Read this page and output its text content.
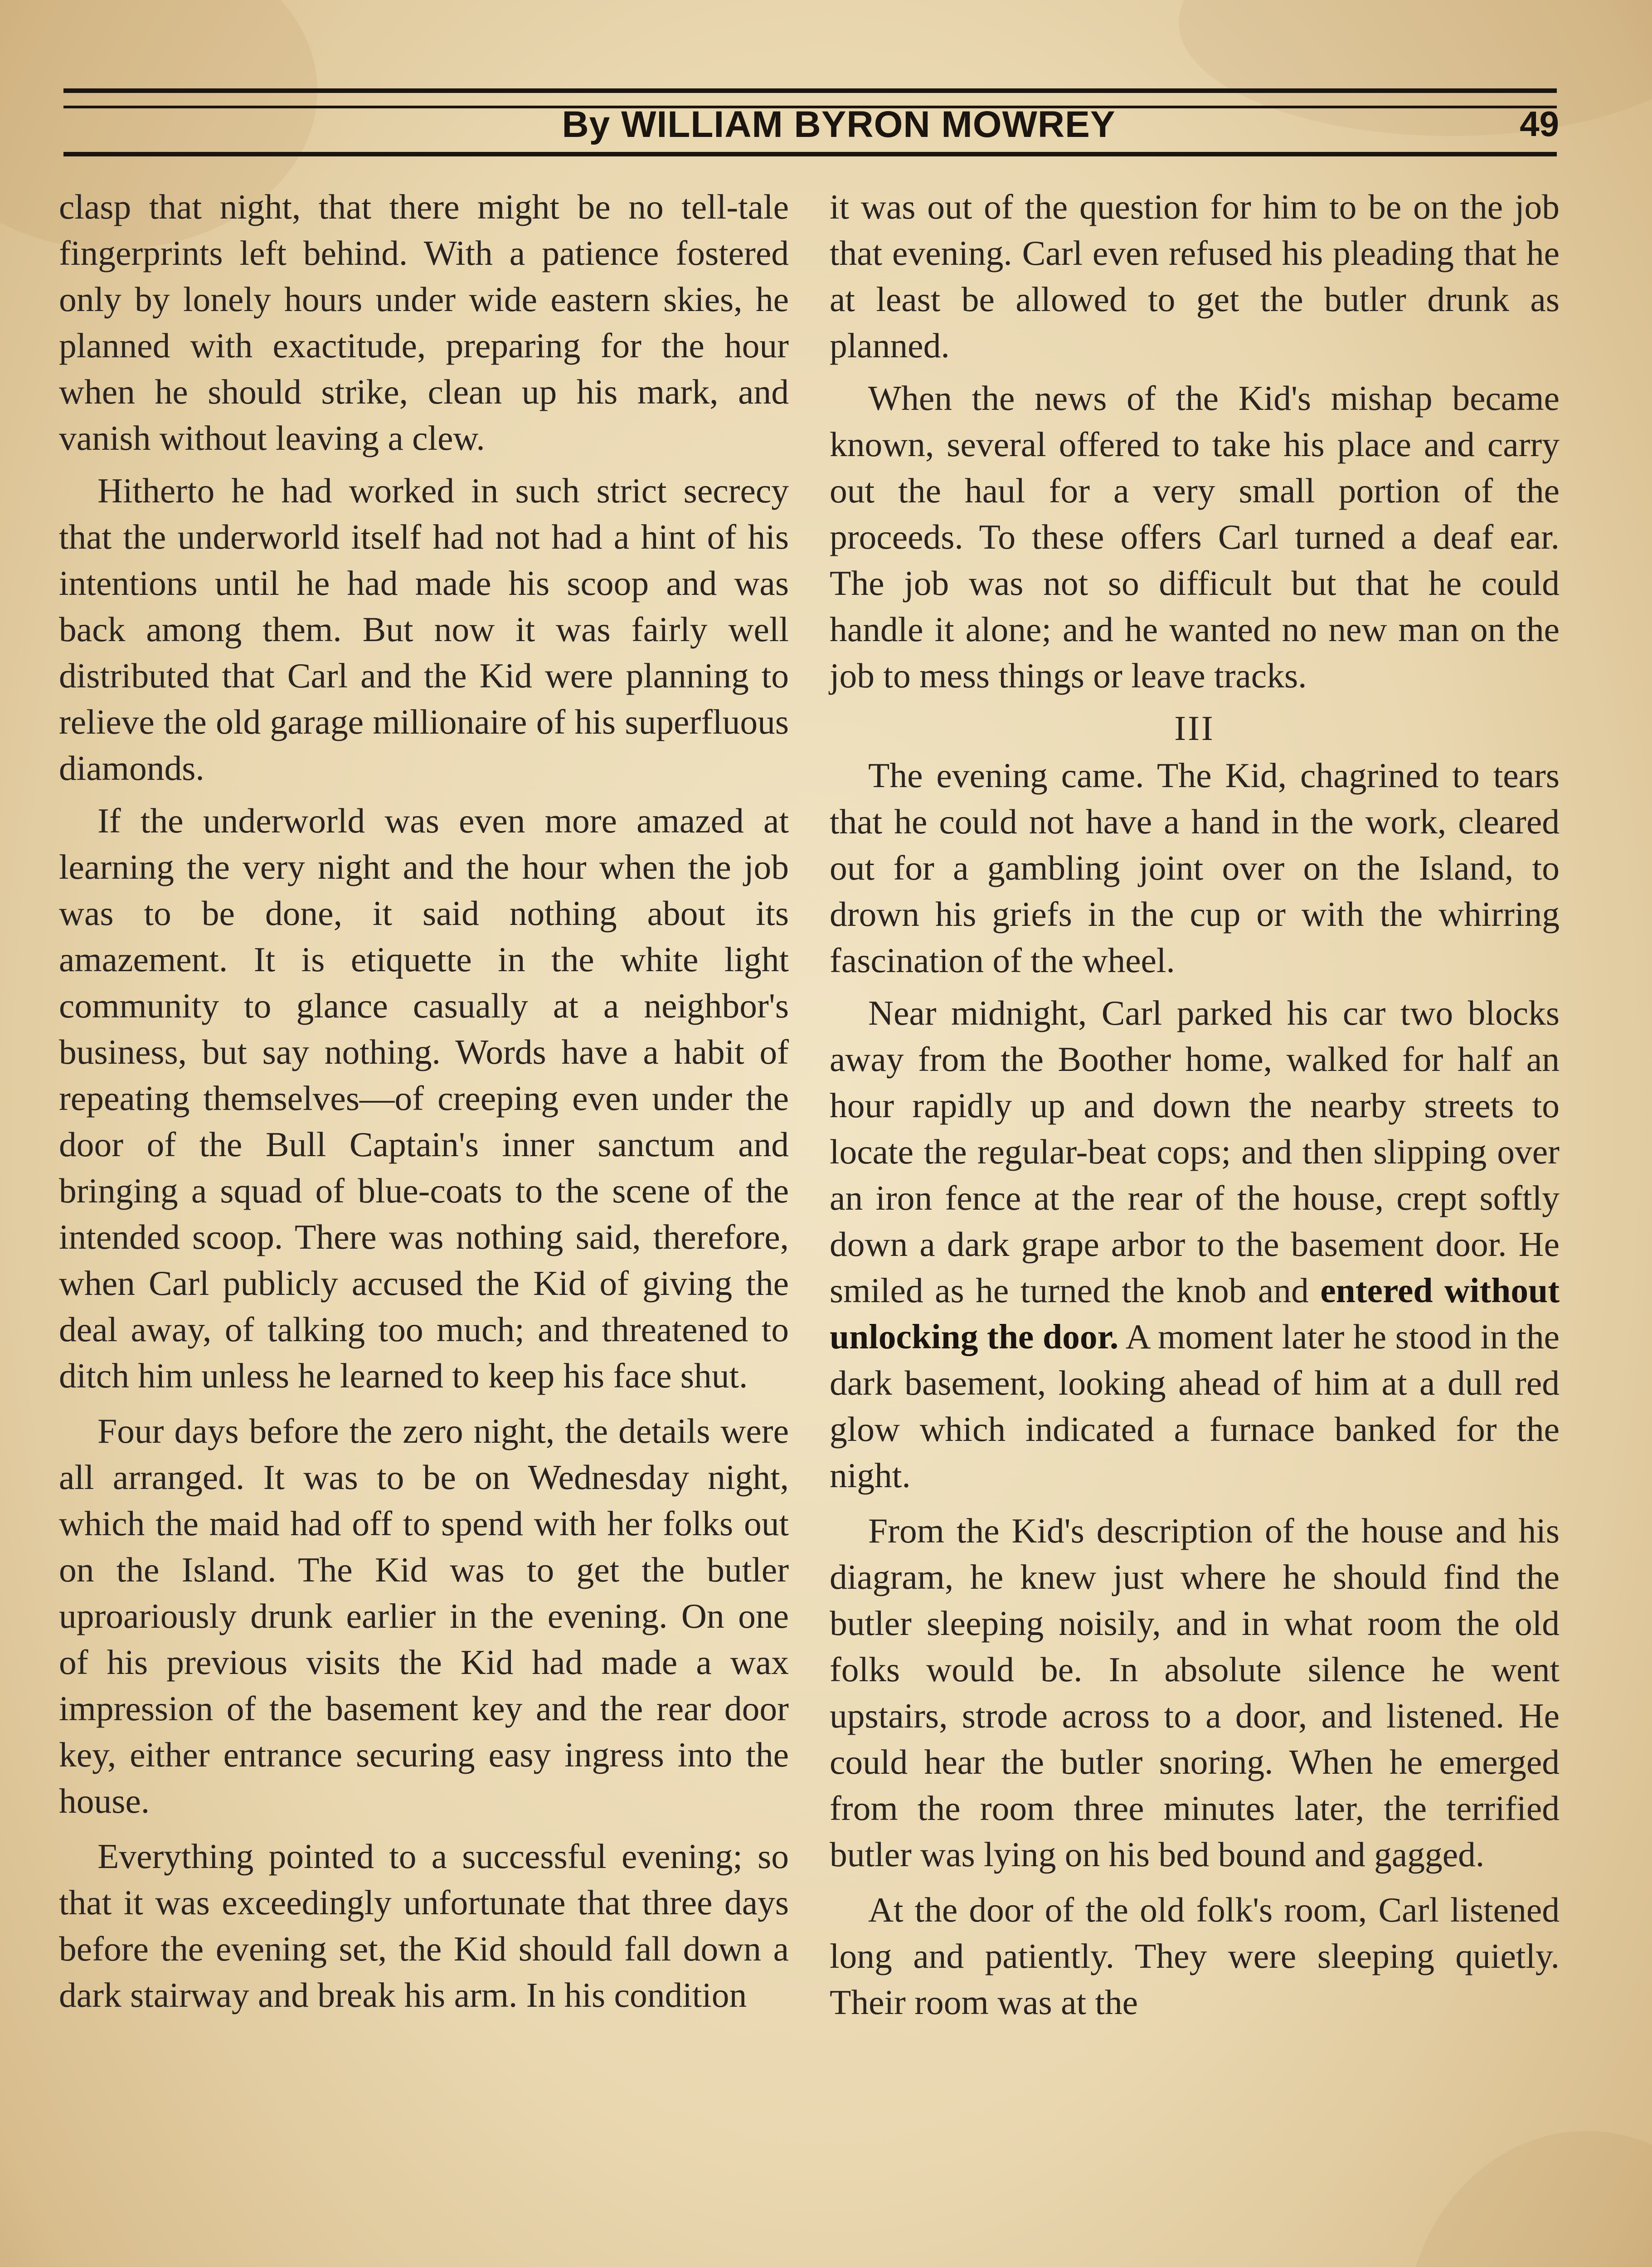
By WILLIAM BYRON MOWREY	49

clasp that night, that there might be no tell-tale fingerprints left behind. With a patience fostered only by lonely hours under wide eastern skies, he planned with exactitude, preparing for the hour when he should strike, clean up his mark, and vanish without leaving a clew.

Hitherto he had worked in such strict secrecy that the underworld itself had not had a hint of his intentions until he had made his scoop and was back among them. But now it was fairly well distributed that Carl and the Kid were planning to relieve the old garage millionaire of his superfluous diamonds.

If the underworld was even more amazed at learning the very night and the hour when the job was to be done, it said nothing about its amazement. It is etiquette in the white light community to glance casually at a neighbor's business, but say nothing. Words have a habit of repeating themselves—of creeping even under the door of the Bull Captain's inner sanctum and bringing a squad of blue-coats to the scene of the intended scoop. There was nothing said, therefore, when Carl publicly accused the Kid of giving the deal away, of talking too much; and threatened to ditch him unless he learned to keep his face shut.

Four days before the zero night, the details were all arranged. It was to be on Wednesday night, which the maid had off to spend with her folks out on the Island. The Kid was to get the butler uproariously drunk earlier in the evening. On one of his previous visits the Kid had made a wax impression of the basement key and the rear door key, either entrance securing easy ingress into the house.

Everything pointed to a successful evening; so that it was exceedingly unfortunate that three days before the evening set, the Kid should fall down a dark stairway and break his arm. In his condition

it was out of the question for him to be on the job that evening. Carl even refused his pleading that he at least be allowed to get the butler drunk as planned.

When the news of the Kid's mishap became known, several offered to take his place and carry out the haul for a very small portion of the proceeds. To these offers Carl turned a deaf ear. The job was not so difficult but that he could handle it alone; and he wanted no new man on the job to mess things or leave tracks.

III

The evening came. The Kid, chagrined to tears that he could not have a hand in the work, cleared out for a gambling joint over on the Island, to drown his griefs in the cup or with the whirring fascination of the wheel.

Near midnight, Carl parked his car two blocks away from the Boother home, walked for half an hour rapidly up and down the nearby streets to locate the regular-beat cops; and then slipping over an iron fence at the rear of the house, crept softly down a dark grape arbor to the basement door. He smiled as he turned the knob and entered without unlocking the door. A moment later he stood in the dark basement, looking ahead of him at a dull red glow which indicated a furnace banked for the night.

From the Kid's description of the house and his diagram, he knew just where he should find the butler sleeping noisily, and in what room the old folks would be. In absolute silence he went upstairs, strode across to a door, and listened. He could hear the butler snoring. When he emerged from the room three minutes later, the terrified butler was lying on his bed bound and gagged.

At the door of the old folk's room, Carl listened long and patiently. They were sleeping quietly. Their room was at the
